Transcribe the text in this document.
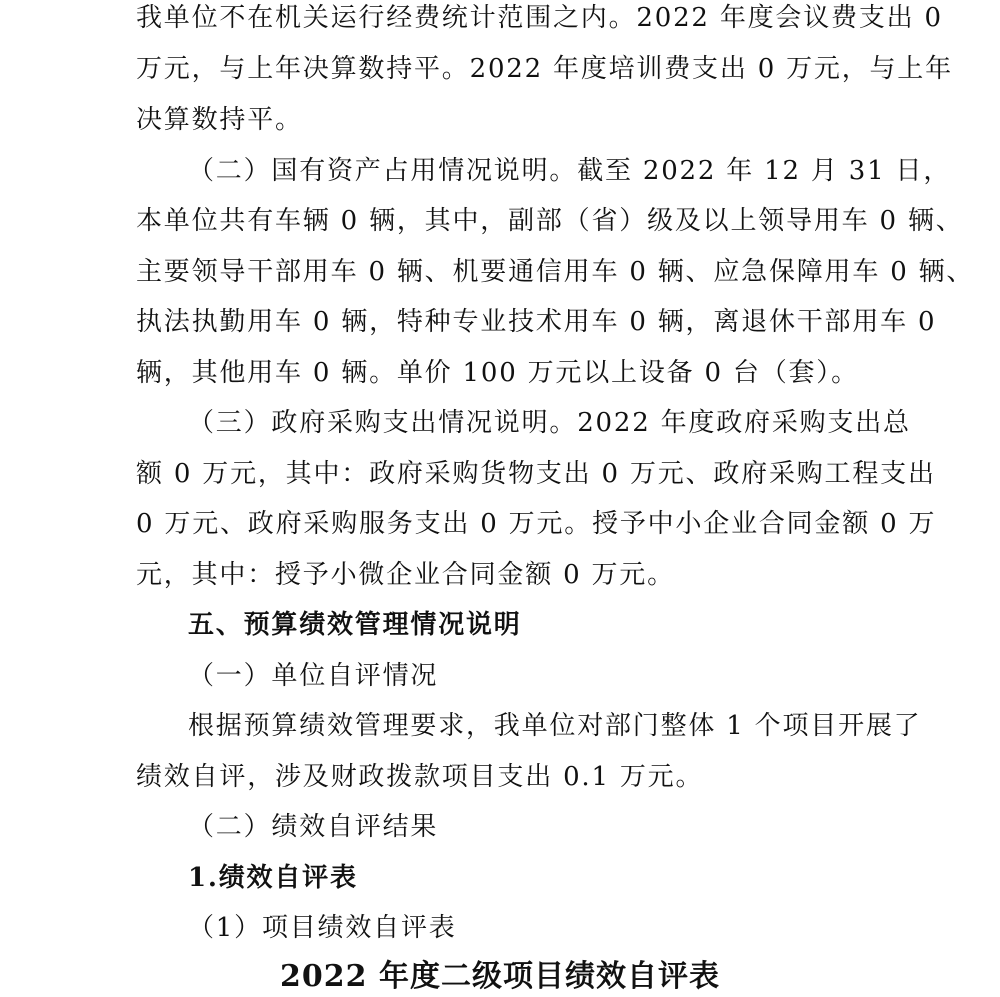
我单位不在机关运行经费统计范围之内。2022 年度会议费支出 0
万元，与上年决算数持平。2022 年度培训费支出 0 万元，与上年
决算数持平。
（二）国有资产占用情况说明。截至 2022 年 12 月 31 日，
本单位共有车辆 0 辆，其中，副部（省）级及以上领导用车 0 辆、
主要领导干部用车 0 辆、机要通信用车 0 辆、应急保障用车 0 辆、
执法执勤用车 0 辆，特种专业技术用车 0 辆，离退休干部用车 0
辆，其他用车 0 辆。单价 100 万元以上设备 0 台（套）。
（三）政府采购支出情况说明。2022 年度政府采购支出总
额 0 万元，其中：政府采购货物支出 0 万元、政府采购工程支出
0 万元、政府采购服务支出 0 万元。授予中小企业合同金额 0 万
元，其中：授予小微企业合同金额 0 万元。
五、预算绩效管理情况说明
（一）单位自评情况
根据预算绩效管理要求，我单位对部门整体 1 个项目开展了
绩效自评，涉及财政拨款项目支出 0.1 万元。
（二）绩效自评结果
1.绩效自评表
（1）项目绩效自评表
2022 年度二级项目绩效自评表
